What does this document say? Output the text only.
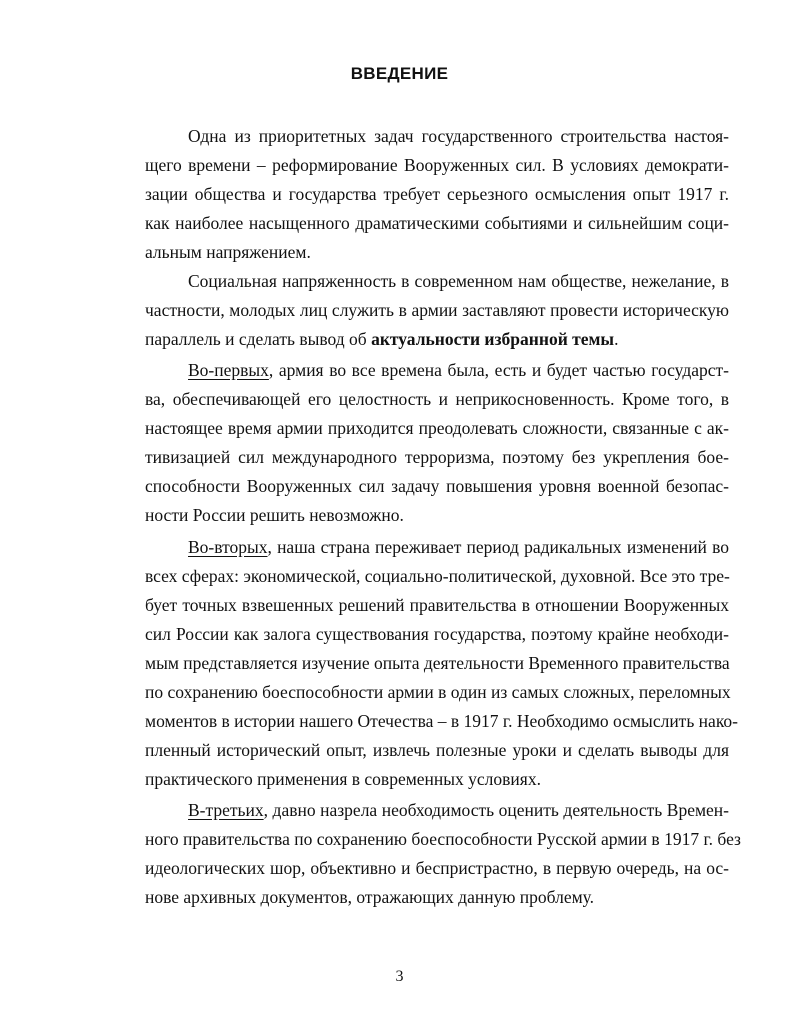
ВВЕДЕНИЕ
Одна из приоритетных задач государственного строительства настоя-
щего времени – реформирование Вооруженных сил. В условиях демократи-
зации общества и государства требует серьезного осмысления опыт 1917 г.
как наиболее насыщенного драматическими событиями и сильнейшим соци-
альным напряжением.
Социальная напряженность в современном нам обществе, нежелание, в
частности, молодых лиц служить в армии заставляют провести историческую
параллель и сделать вывод об актуальности избранной темы.
Во-первых, армия во все времена была, есть и будет частью государст-
ва, обеспечивающей его целостность и неприкосновенность. Кроме того, в
настоящее время армии приходится преодолевать сложности, связанные с ак-
тивизацией сил международного терроризма, поэтому без укрепления бое-
способности Вооруженных сил задачу повышения уровня военной безопас-
ности России решить невозможно.
Во-вторых, наша страна переживает период радикальных изменений во
всех сферах: экономической, социально-политической, духовной. Все это тре-
бует точных взвешенных решений правительства в отношении Вооруженных
сил России как залога существования государства, поэтому крайне необходи-
мым представляется изучение опыта деятельности Временного правительства
по сохранению боеспособности армии в один из самых сложных, переломных
моментов в истории нашего Отечества – в 1917 г. Необходимо осмыслить нако-
пленный исторический опыт, извлечь полезные уроки и сделать выводы для
практического применения в современных условиях.
В-третьих, давно назрела необходимость оценить деятельность Времен-
ного правительства по сохранению боеспособности Русской армии в 1917 г. без
идеологических шор, объективно и беспристрастно, в первую очередь, на ос-
нове архивных документов, отражающих данную проблему.
3
